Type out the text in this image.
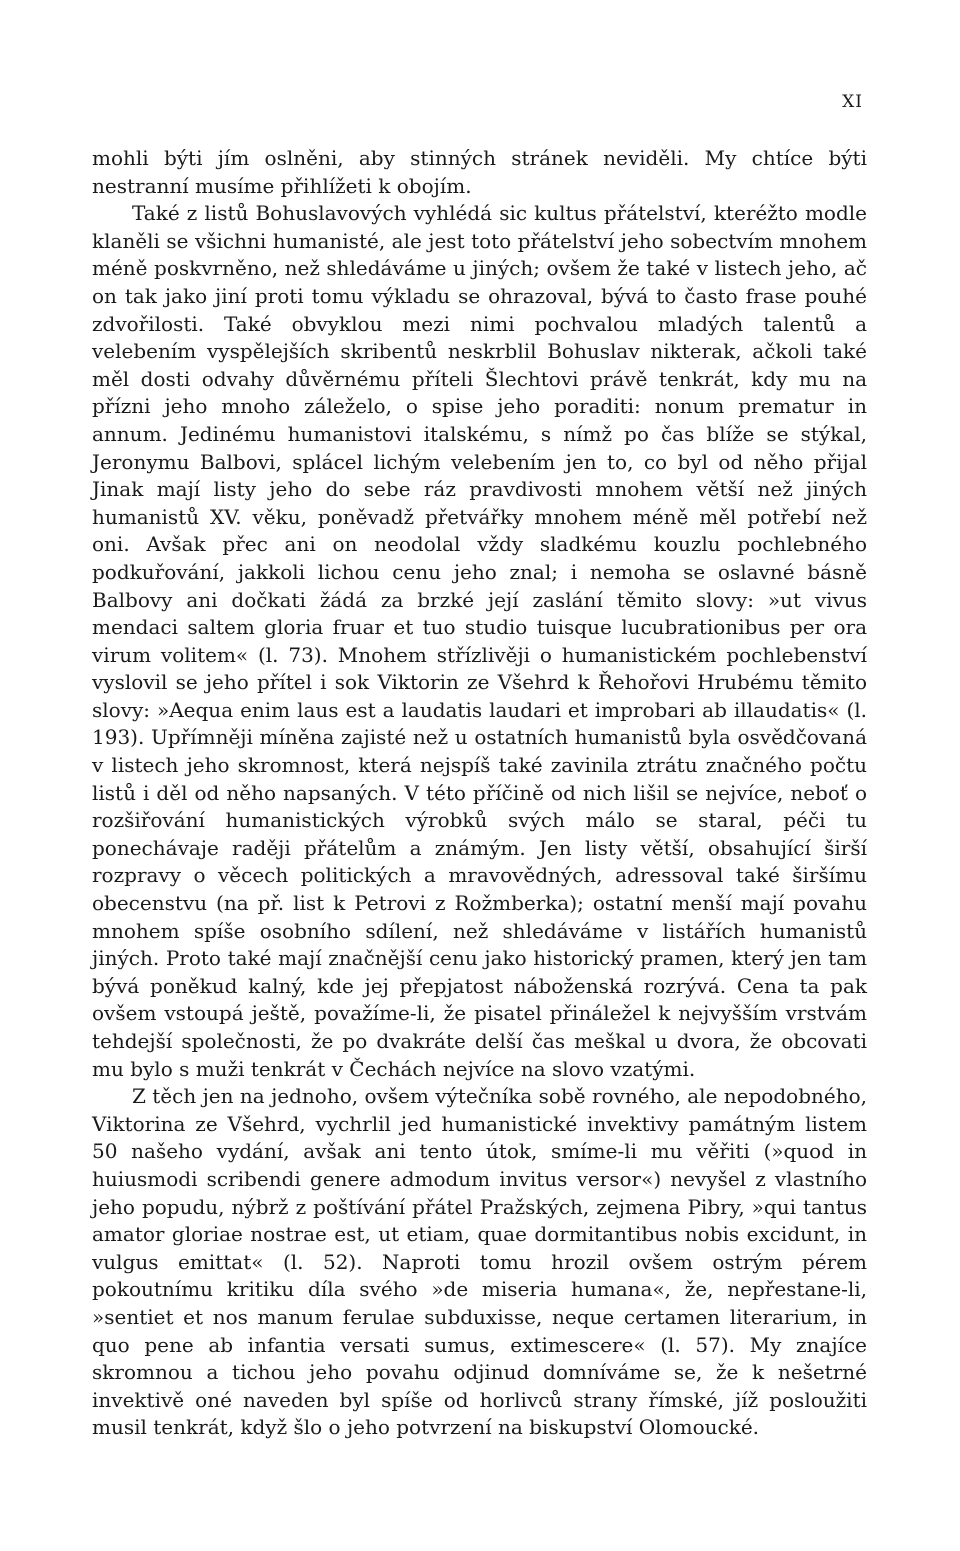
XI

mohli býti jím oslněni, aby stinných stránek neviděli. My chtíce býti nestranní musíme přihlížeti k obojím.

Také z listů Bohuslavových vyhlédá sic kultus přátelství, kteréžto modle klaněli se všichni humanisté, ale jest toto přátelství jeho sobectvím mnohem méně poskvrněno, než shledáváme u jiných; ovšem že také v listech jeho, ač on tak jako jiní proti tomu výkladu se ohrazoval, bývá to často frase pouhé zdvořilosti. Také obvyklou mezi nimi pochvalou mladých talentů a velebením vyspělejších skribentů neskrblil Bohuslav nikterak, ačkoli také měl dosti odvahy důvěrnému příteli Šlechtovi právě tenkrát, kdy mu na přízni jeho mnoho záleželo, o spise jeho poraditi: nonum prematur in annum. Jedinému humanistovi italskému, s nímž po čas blíže se stýkal, Jeronymu Balbovi, splácel lichým velebením jen to, co byl od něho přijal Jinak mají listy jeho do sebe ráz pravdivosti mnohem větší než jiných humanistů XV. věku, poněvadž přetvářky mnohem méně měl potřebí než oni. Avšak přec ani on neodolal vždy sladkému kouzlu pochlebného podkuřování, jakkoli lichou cenu jeho znal; i nemoha se oslavné básně Balbovy ani dočkati žádá za brzké její zaslání těmito slovy: »ut vivus mendaci saltem gloria fruar et tuo studio tuisque lucubrationibus per ora virum volitem« (l. 73). Mnohem střízlivěji o humanistickém pochlebenství vyslovil se jeho přítel i sok Viktorin ze Všehrd k Řehořovi Hrubému těmito slovy: »Aequa enim laus est a laudatis laudari et improbari ab illaudatis« (l. 193). Upřímněji míněna zajisté než u ostatních humanistů byla osvědčovaná v listech jeho skromnost, která nejspíš také zavinila ztrátu značného počtu listů i děl od něho napsaných. V této příčině od nich lišil se nejvíce, neboť o rozšiřování humanistických výrobků svých málo se staral, péči tu ponechávaje raději přátelům a známým. Jen listy větší, obsahující širší rozpravy o věcech politických a mravovědných, adressoval také širšímu obecenstvu (na př. list k Petrovi z Rožmberka); ostatní menší mají povahu mnohem spíše osobního sdílení, než shledáváme v listářích humanistů jiných. Proto také mají značnější cenu jako historický pramen, který jen tam bývá poněkud kalný, kde jej přepjatost náboženská rozrývá. Cena ta pak ovšem vstoupá ještě, považíme-li, že pisatel přináležel k nejvyšším vrstvám tehdejší společnosti, že po dvakráte delší čas meškal u dvora, že obcovati mu bylo s muži tenkrát v Čechách nejvíce na slovo vzatými.

Z těch jen na jednoho, ovšem výtečníka sobě rovného, ale nepodobného, Viktorina ze Všehrd, vychrlil jed humanistické invektivy památným listem 50 našeho vydání, avšak ani tento útok, smíme-li mu věřiti (»quod in huiusmodi scribendi genere admodum invitus versor«) nevyšel z vlastního jeho popudu, nýbrž z poštívání přátel Pražských, zejmena Pibry, »qui tantus amator gloriae nostrae est, ut etiam, quae dormitantibus nobis excidunt, in vulgus emittat« (l. 52). Naproti tomu hrozil ovšem ostrým pérem pokoutnímu kritiku díla svého »de miseria humana«, že, nepřestane-li, »sentiet et nos manum ferulae subduxisse, neque certamen literarium, in quo pene ab infantia versati sumus, extimescere« (l. 57). My znajíce skromnou a tichou jeho povahu odjinud domníváme se, že k nešetrné invektivě oné naveden byl spíše od horlivců strany římské, jíž posloužiti musil tenkrát, když šlo o jeho potvrzení na biskupství Olomoucké.
